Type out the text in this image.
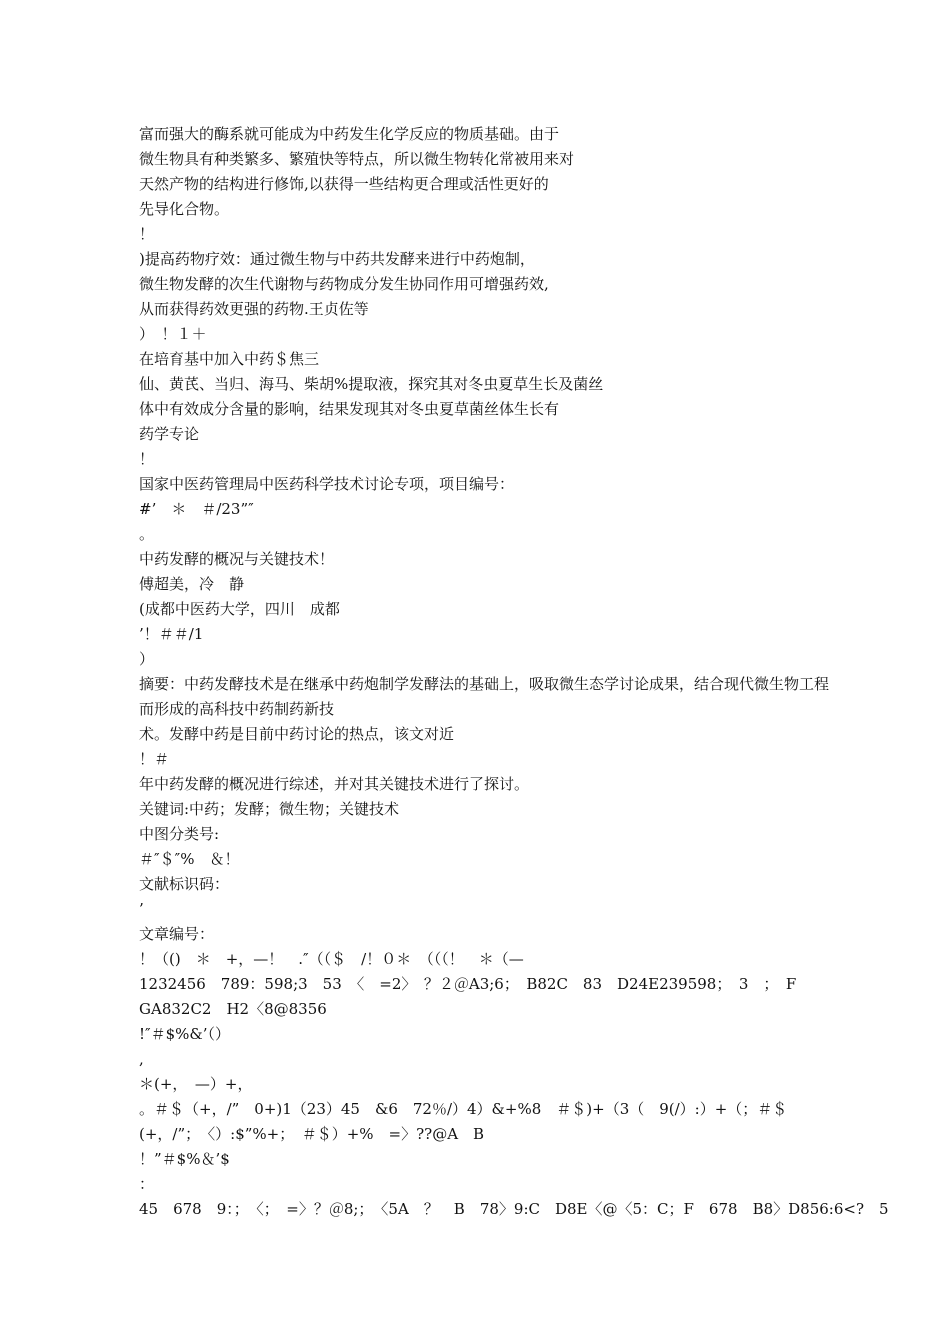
富而强大的酶系就可能成为中药发生化学反应的物质基础。由于
微生物具有种类繁多、繁殖快等特点，所以微生物转化常被用来对
天然产物的结构进行修饰,以获得一些结构更合理或活性更好的
先导化合物。
！
)提高药物疗效：通过微生物与中药共发酵来进行中药炮制，
微生物发酵的次生代谢物与药物成分发生协同作用可增强药效,
从而获得药效更强的药物.王贞佐等
）　！１＋
在培育基中加入中药＄焦三
仙、黄芪、当归、海马、柴胡%提取液，探究其对冬虫夏草生长及菌丝
体中有效成分含量的影响，结果发现其对冬虫夏草菌丝体生长有
药学专论
！
国家中医药管理局中医药科学技术讨论专项，项目编号：
#’　＊　＃/23”″
。
中药发酵的概况与关键技术！
傅超美，冷　静
(成都中医药大学，四川　成都
’！＃＃/1
）
摘要：中药发酵技术是在继承中药炮制学发酵法的基础上，吸取微生态学讨论成果，结合现代微生物工程而形成的高科技中药制药新技
术。发酵中药是目前中药讨论的热点，该文对近
！＃
年中药发酵的概况进行综述，并对其关键技术进行了探讨。
关键词:中药；发酵；微生物；关键技术
中图分类号:
＃″＄″%　＆！
文献标识码：
’
文章编号：
！（()　＊　+，—！　.″（（＄　/！０＊　（（（！　＊（—
1232456　789：598;3　53　〈　=2〉　？２＠A3;6；　B82C　83　D24E239598；　3　；　F　GA832C2　H2〈8@8356
!″＃$%&’（）
,
＊(+，　—）+，
。＃＄（+，/”　0+)1（23）45　&6　72％/）4）&+%8　＃＄)+（3（　9(/）:）+（；＃＄(+，/”；　〈）:$”%+；　＃＄）+%　=〉??@A　B
！”＃$%＆’$
：
45　678　9：；　〈；　=〉？＠8;；　〈5A　？　B　78〉9:C　D8E〈@〈5：C；F　678　B8〉D856:6<?　5
